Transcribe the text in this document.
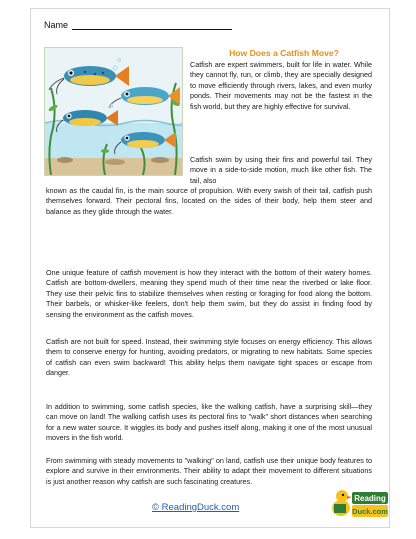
Name
How Does a Catfish Move?

Catfish are expert swimmers, built for life in water. While they cannot fly, run, or climb, they are specially designed to move efficiently through rivers, lakes, and even murky ponds. Their movements may not be the fastest in the fish world, but they are highly effective for survival.

Catfish swim by using their fins and powerful tail. They move in a side-to-side motion, much like other fish. The tail, also

known as the caudal fin, is the main source of propulsion. With every swish of their tail, catfish push themselves forward. Their pectoral fins, located on the sides of their body, help them steer and balance as they glide through the water.

One unique feature of catfish movement is how they interact with the bottom of their watery homes. Catfish are bottom-dwellers, meaning they spend much of their time near the riverbed or lake floor. They use their pelvic fins to stabilize themselves when resting or foraging for food along the bottom. Their barbels, or whisker-like feelers, don't help them swim, but they do assist in finding food by sensing the environment as the catfish moves.

Catfish are not built for speed. Instead, their swimming style focuses on energy efficiency. This allows them to conserve energy for hunting, avoiding predators, or migrating to new habitats. Some species of catfish can even swim backward! This ability helps them navigate tight spaces or escape from danger.

In addition to swimming, some catfish species, like the walking catfish, have a surprising skill—they can move on land! The walking catfish uses its pectoral fins to "walk" short distances when searching for a new water source. It wiggles its body and pushes itself along, making it one of the most unusual movers in the fish world.

From swimming with steady movements to "walking" on land, catfish use their unique body features to explore and survive in their environments. Their ability to adapt their movement to different situations is just another reason why catfish are such fascinating creatures.

© ReadingDuck.com
Reading
Duck.com
